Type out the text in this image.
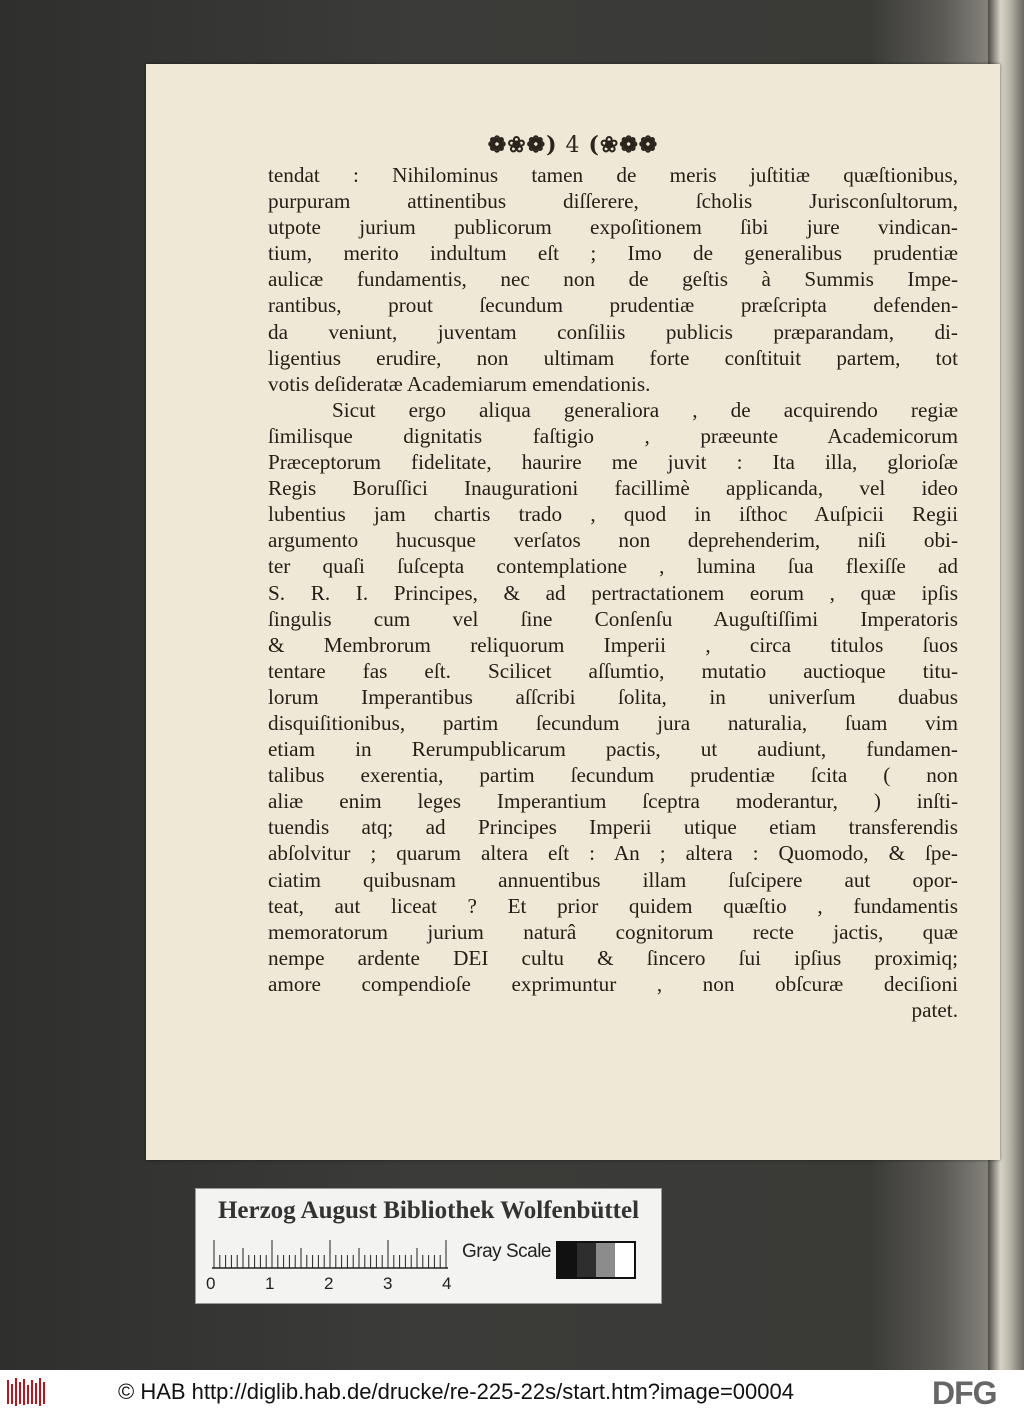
❁❀❁) 4 (❀❁❁
tendat : Nihilominus tamen de meris juſtitiæ quæſtionibus,
purpuram attinentibus diſſerere, ſcholis Jurisconſultorum,
utpote jurium publicorum expoſitionem ſibi jure vindican-
tium, merito indultum eſt ; Imo de generalibus prudentiæ
aulicæ fundamentis, nec non de geſtis à Summis Impe-
rantibus, prout ſecundum prudentiæ præſcripta defenden-
da veniunt, juventam conſiliis publicis præparandam, di-
ligentius erudire, non ultimam forte conſtituit partem, tot
votis deſideratæ Academiarum emendationis.
Sicut ergo aliqua generaliora , de acquirendo regiæ
ſimilisque dignitatis faſtigio , præeunte Academicorum
Præceptorum fidelitate, haurire me juvit : Ita illa, glorioſæ
Regis Boruſſici Inaugurationi facillimè applicanda, vel ideo
lubentius jam chartis trado , quod in iſthoc Auſpicii Regii
argumento hucusque verſatos non deprehenderim, niſi obi-
ter quaſi ſuſcepta contemplatione , lumina ſua flexiſſe ad
S. R. I. Principes, & ad pertractationem eorum , quæ ipſis
ſingulis cum vel ſine Conſenſu Auguſtiſſimi Imperatoris
& Membrorum reliquorum Imperii , circa titulos ſuos
tentare fas eſt. Scilicet aſſumtio, mutatio auctioque titu-
lorum Imperantibus aſſcribi ſolita, in univerſum duabus
disquiſitionibus, partim ſecundum jura naturalia, ſuam vim
etiam in Rerumpublicarum pactis, ut audiunt, fundamen-
talibus exerentia, partim ſecundum prudentiæ ſcita ( non
aliæ enim leges Imperantium ſceptra moderantur, ) inſti-
tuendis atq; ad Principes Imperii utique etiam transferendis
abſolvitur ; quarum altera eſt : An ; altera : Quomodo, & ſpe-
ciatim quibusnam annuentibus illam ſuſcipere aut opor-
teat, aut liceat ? Et prior quidem quæſtio , fundamentis
memoratorum jurium naturâ cognitorum recte jactis, quæ
nempe ardente DEI cultu & ſincero ſui ipſius proximiq;
amore compendioſe exprimuntur , non obſcuræ deciſioni
patet.
Herzog August Bibliothek Wolfenbüttel
0	1	2	3	4
Gray Scale
© HAB http://diglib.hab.de/drucke/re-225-22s/start.htm?image=00004	DFG
